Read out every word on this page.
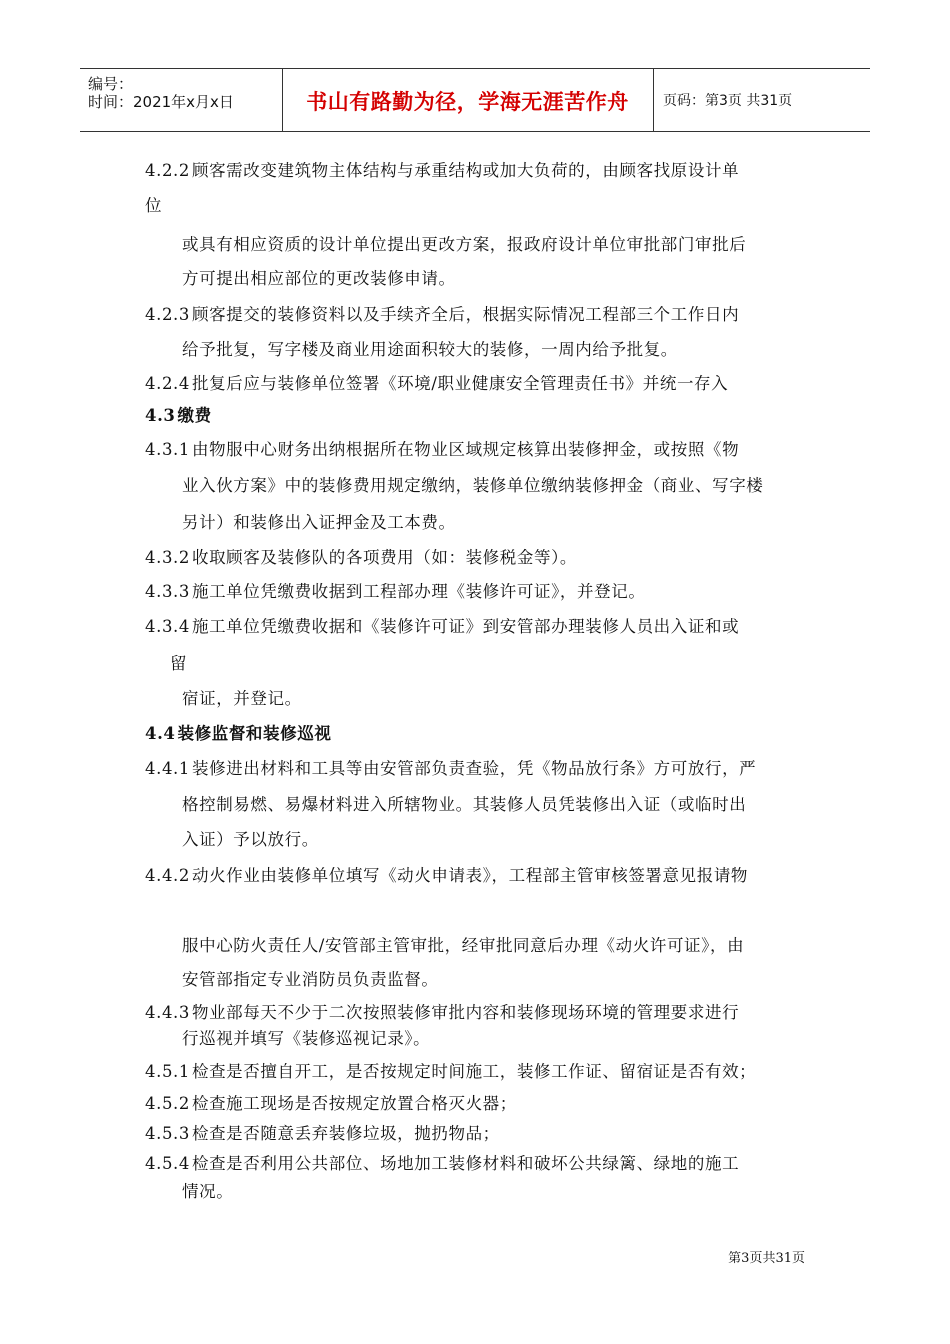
编号：
时间：2021年x月x日	书山有路勤为径，学海无涯苦作舟	页码：第3页 共31页
4.2.2 顾客需改变建筑物主体结构与承重结构或加大负荷的，由顾客找原设计单
位
或具有相应资质的设计单位提出更改方案，报政府设计单位审批部门审批后
方可提出相应部位的更改装修申请。
4.2.3 顾客提交的装修资料以及手续齐全后，根据实际情况工程部三个工作日内
给予批复，写字楼及商业用途面积较大的装修，一周内给予批复。
4.2.4 批复后应与装修单位签署《环境/职业健康安全管理责任书》并统一存入
4.3 缴费
4.3.1 由物服中心财务出纳根据所在物业区域规定核算出装修押金，或按照《物
业入伙方案》中的装修费用规定缴纳，装修单位缴纳装修押金（商业、写字楼
另计）和装修出入证押金及工本费。
4.3.2 收取顾客及装修队的各项费用（如：装修税金等）。
4.3.3 施工单位凭缴费收据到工程部办理《装修许可证》，并登记。
4.3.4 施工单位凭缴费收据和《装修许可证》到安管部办理装修人员出入证和或
留
宿证，并登记。
4.4 装修监督和装修巡视
4.4.1 装修进出材料和工具等由安管部负责查验，凭《物品放行条》方可放行，严
格控制易燃、易爆材料进入所辖物业。其装修人员凭装修出入证（或临时出
入证）予以放行。
4.4.2 动火作业由装修单位填写《动火申请表》，工程部主管审核签署意见报请物
服中心防火责任人/安管部主管审批，经审批同意后办理《动火许可证》，由
安管部指定专业消防员负责监督。
4.4.3 物业部每天不少于二次按照装修审批内容和装修现场环境的管理要求进行
行巡视并填写《装修巡视记录》。
4.5.1 检查是否擅自开工，是否按规定时间施工，装修工作证、留宿证是否有效；
4.5.2 检查施工现场是否按规定放置合格灭火器；
4.5.3 检查是否随意丢弃装修垃圾，抛扔物品；
4.5.4 检查是否利用公共部位、场地加工装修材料和破坏公共绿篱、绿地的施工
情况。
第3页共31页
